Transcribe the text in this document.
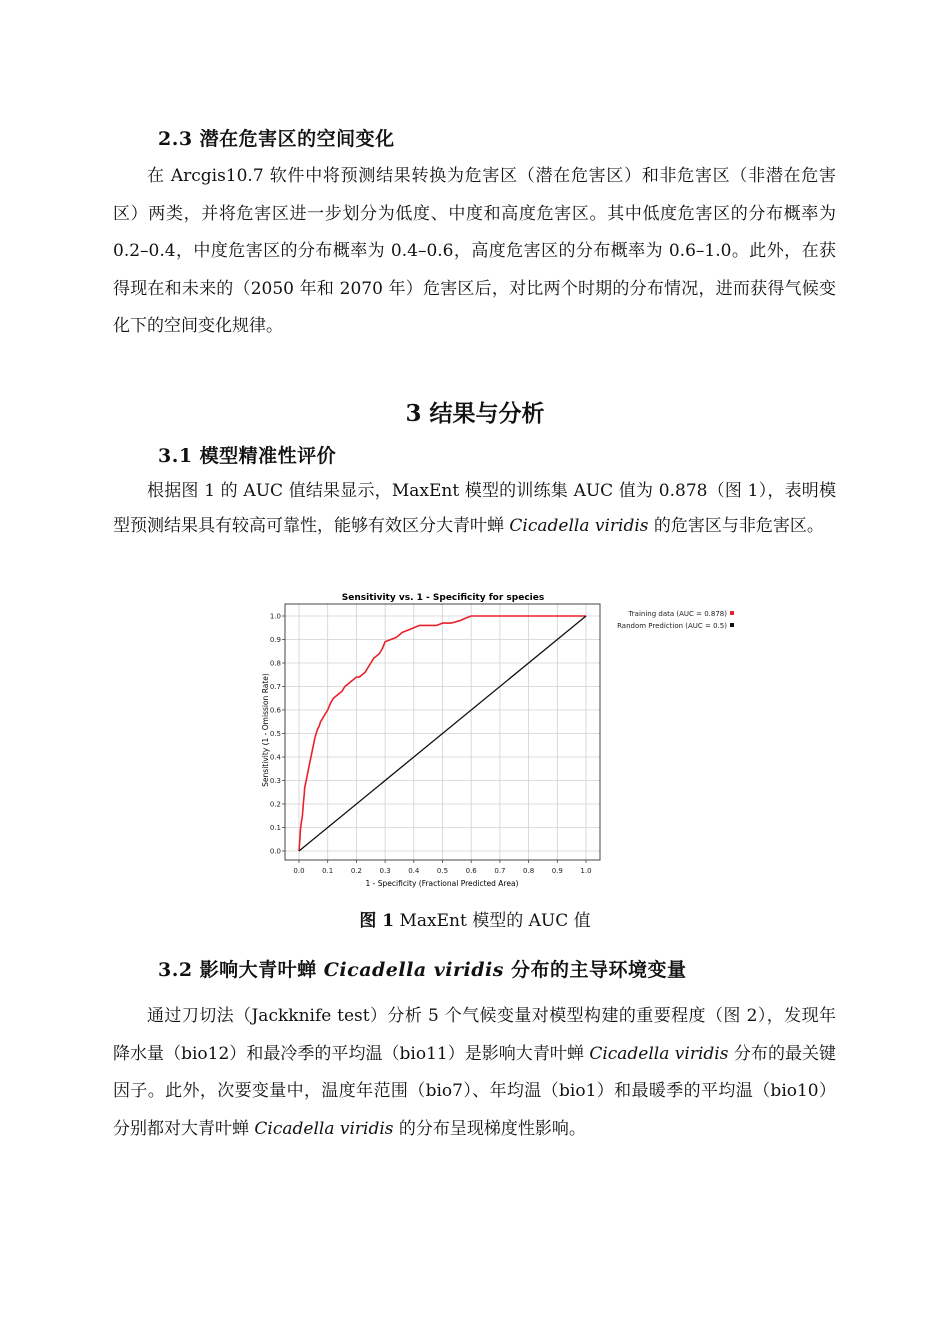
2.3 潜在危害区的空间变化
在 Arcgis10.7 软件中将预测结果转换为危害区（潜在危害区）和非危害区（非潜在危害区）两类，并将危害区进一步划分为低度、中度和高度危害区。其中低度危害区的分布概率为 0.2–0.4，中度危害区的分布概率为 0.4–0.6，高度危害区的分布概率为 0.6–1.0。此外，在获得现在和未来的（2050 年和 2070 年）危害区后，对比两个时期的分布情况，进而获得气候变化下的空间变化规律。
3 结果与分析
3.1 模型精准性评价
根据图 1 的 AUC 值结果显示，MaxEnt 模型的训练集 AUC 值为 0.878（图 1），表明模型预测结果具有较高可靠性，能够有效区分大青叶蝉 Cicadella viridis 的危害区与非危害区。
Sensitivity vs. 1 - Specificity for species
0.0	0.1	0.2	0.3	0.4	0.5	0.6	0.7	0.8	0.9	1.0
0.0
0.1
0.2
0.3
0.4
0.5
0.6
0.7
0.8
0.9
1.0
1 - Specificity (Fractional Predicted Area)
Sensitivity (1 - Omission Rate)
Training data (AUC = 0.878)
Random Prediction (AUC = 0.5)
图 1 MaxEnt 模型的 AUC 值
3.2 影响大青叶蝉 Cicadella viridis 分布的主导环境变量
通过刀切法（Jackknife test）分析 5 个气候变量对模型构建的重要程度（图 2），发现年降水量（bio12）和最冷季的平均温（bio11）是影响大青叶蝉 Cicadella viridis 分布的最关键因子。此外，次要变量中，温度年范围（bio7）、年均温（bio1）和最暖季的平均温（bio10）分别都对大青叶蝉 Cicadella viridis 的分布呈现梯度性影响。
